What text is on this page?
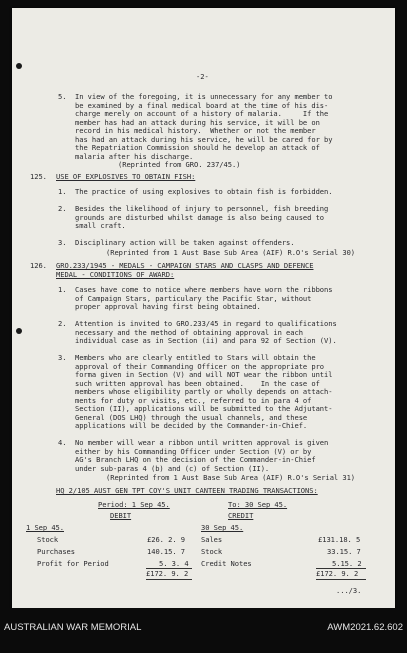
-2-
5. In view of the foregoing, it is unnecessary for any member to
be examined by a final medical board at the time of his dis-
charge merely on account of a history of malaria.     If the
member has had an attack during his service, it will be on
record in his medical history.  Whether or not the member
has had an attack during his service, he will be cared for by
the Repatriation Commission should he develop an attack of
malaria after his discharge.
(Reprinted from GRO. 237/45.)
125. USE OF EXPLOSIVES TO OBTAIN FISH:
1. The practice of using explosives to obtain fish is forbidden.
2. Besides the likelihood of injury to personnel, fish breeding
grounds are disturbed whilst damage is also being caused to
small craft.
3. Disciplinary action will be taken against offenders.
(Reprinted from 1 Aust Base Sub Area (AIF) R.O's Serial 30)
126. GRO.233/1945 - MEDALS - CAMPAIGN STARS AND CLASPS AND DEFENCE
MEDAL - CONDITIONS OF AWARD:
1. Cases have come to notice where members have worn the ribbons
of Campaign Stars, particulary the Pacific Star, without
proper approval having first being obtained.
2. Attention is invited to GRO.233/45 in regard to qualifications
necessary and the method of obtaining approval in each
individual case as in Section (ii) and para 92 of Section (V).
3. Members who are clearly entitled to Stars will obtain the
approval of their Commanding Officer on the appropriate pro
forma given in Section (V) and will NOT wear the ribbon until
such written approval has been obtained.    In the case of
members whose eligibility partly or wholly depends on attach-
ments for duty or visits, etc., referred to in para 4 of
Section (II), applications will be submitted to the Adjutant-
General (DOS LHQ) through the usual channels, and these
applications will be decided by the Commander-in-Chief.
4. No member will wear a ribbon until written approval is given
either by his Commanding Officer under Section (V) or by
AG's Branch LHQ on the decision of the Commander-in-Chief
under sub-paras 4 (b) and (c) of Section (II).
(Reprinted from 1 Aust Base Sub Area (AIF) R.O's Serial 31)
HQ 2/105 AUST GEN TPT COY'S UNIT CANTEEN TRADING TRANSACTIONS:
Period: 1 Sep 45.	To: 30 Sep 45.
DEBIT	CREDIT
1 Sep 45.	30 Sep 45.
Stock	£26. 2. 9 Sales	£131.18. 5
Purchases	140.15. 7 Stock	33.15. 7
Profit for Period	5. 3. 4 Credit Notes	5.15. 2
£172. 9. 2	£172. 9. 2
.../3.
AUSTRALIAN WAR MEMORIAL	AWM2021.62.602
